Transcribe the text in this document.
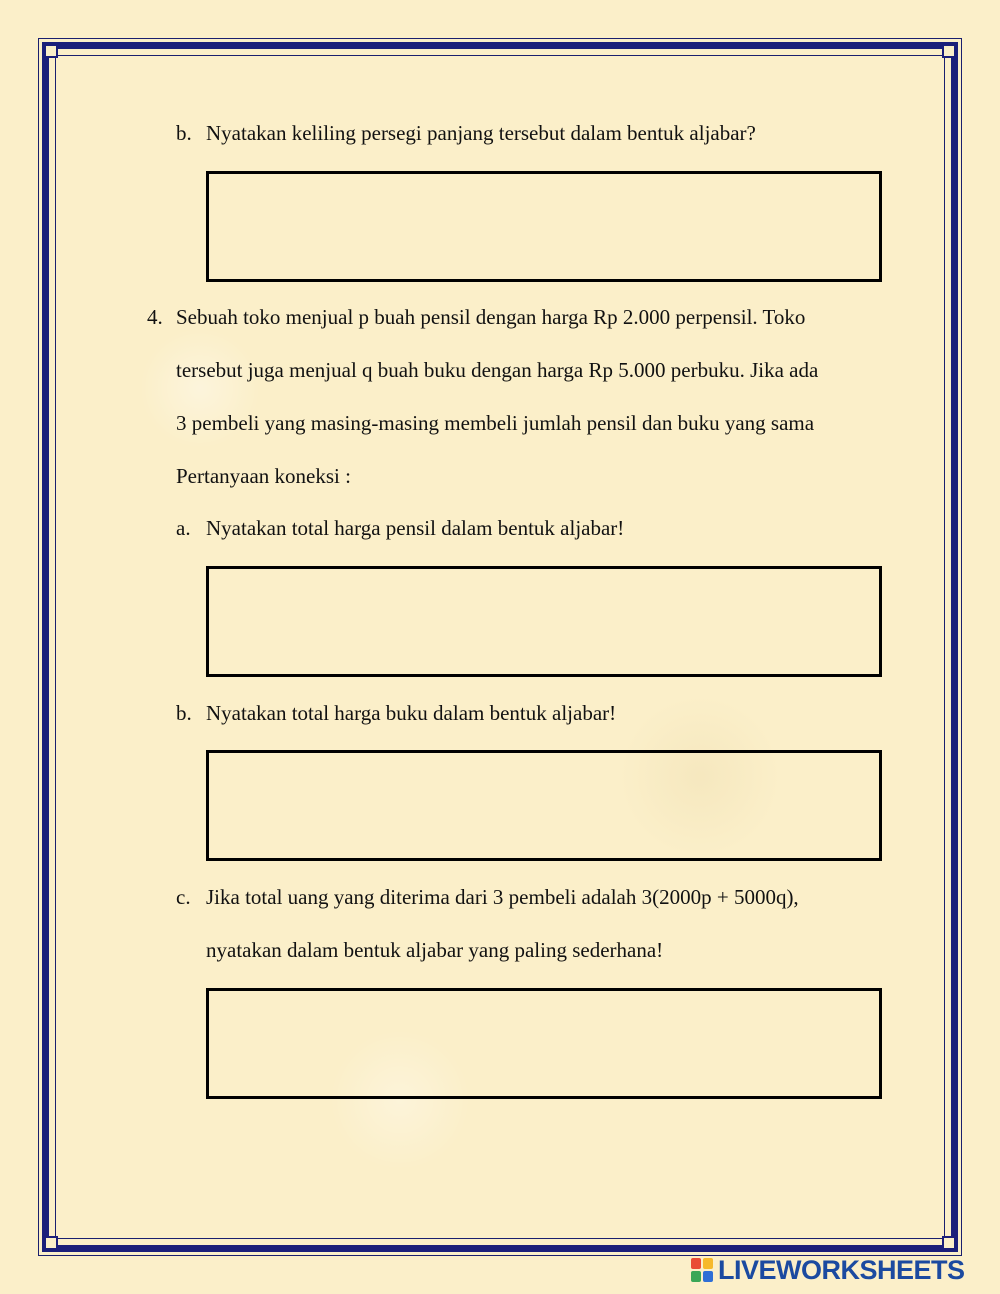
b. Nyatakan keliling persegi panjang tersebut dalam bentuk aljabar?
4. Sebuah toko menjual p buah pensil dengan harga Rp 2.000 perpensil. Toko
tersebut juga menjual q buah buku dengan harga Rp 5.000 perbuku. Jika ada
3 pembeli yang masing-masing membeli jumlah pensil dan buku yang sama
Pertanyaan koneksi :
a. Nyatakan total harga pensil dalam bentuk aljabar!
b. Nyatakan total harga buku dalam bentuk aljabar!
c. Jika total uang yang diterima dari 3 pembeli adalah 3(2000p + 5000q),
nyatakan dalam bentuk aljabar yang paling sederhana!
LIVEWORKSHEETS
